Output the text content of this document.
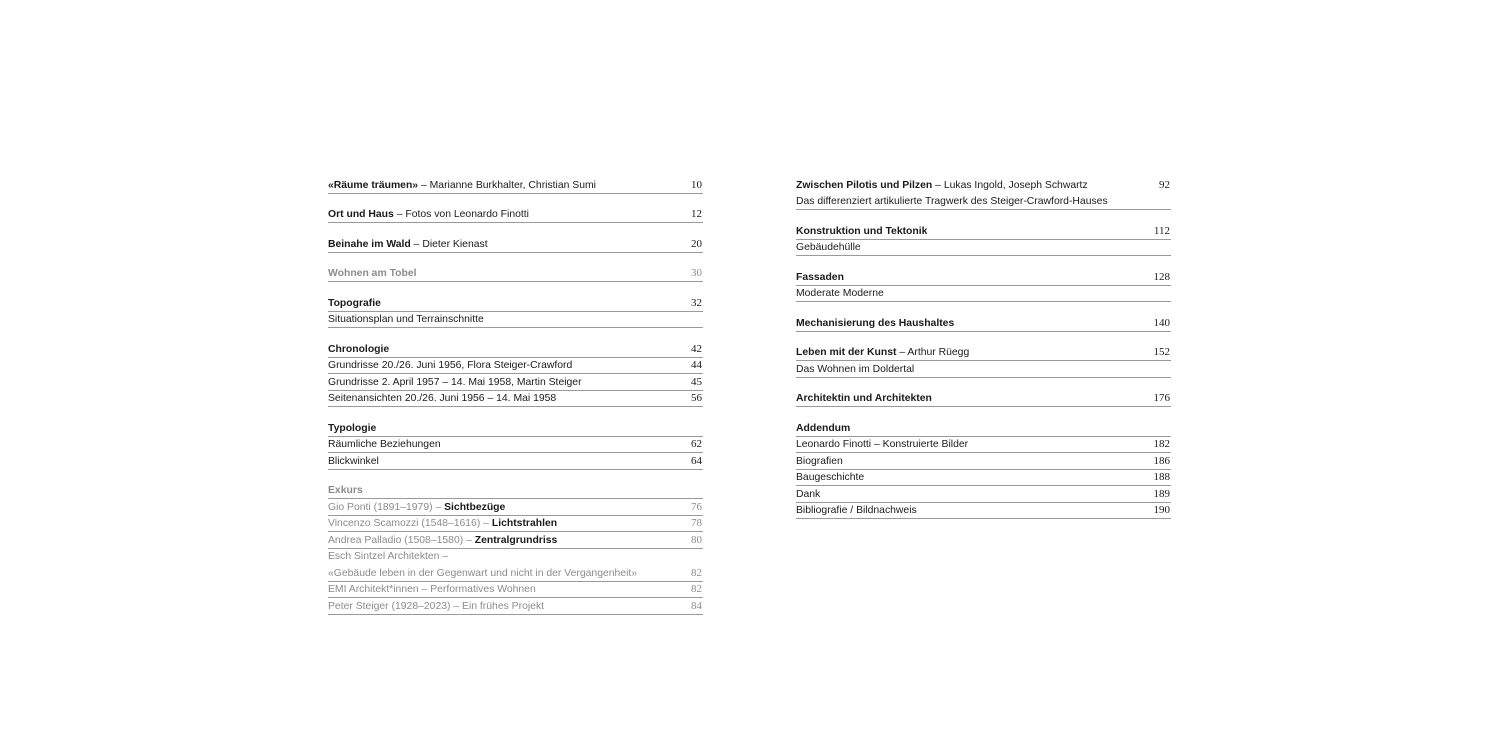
«Räume träumen» – Marianne Burkhalter, Christian Sumi	10
Ort und Haus – Fotos von Leonardo Finotti	12
Beinahe im Wald – Dieter Kienast	20
Wohnen am Tobel	30
Topografie	32
Situationsplan und Terrainschnitte
Chronologie	42
Grundrisse 20./26. Juni 1956, Flora Steiger-Crawford	44
Grundrisse 2. April 1957 – 14. Mai 1958, Martin Steiger	45
Seitenansichten 20./26. Juni 1956 – 14. Mai 1958	56
Typologie
Räumliche Beziehungen	62
Blickwinkel	64
Exkurs
Gio Ponti (1891–1979) – Sichtbezüge	76
Vincenzo Scamozzi (1548–1616) – Lichtstrahlen	78
Andrea Palladio (1508–1580) – Zentralgrundriss	80
Esch Sintzel Architekten –
«Gebäude leben in der Gegenwart und nicht in der Vergangenheit»	82
EMI Architekt*innen – Performatives Wohnen	82
Peter Steiger (1928–2023) – Ein frühes Projekt	84
Zwischen Pilotis und Pilzen – Lukas Ingold, Joseph Schwartz	92
Das differenziert artikulierte Tragwerk des Steiger-Crawford-Hauses
Konstruktion und Tektonik	112
Gebäudehülle
Fassaden	128
Moderate Moderne
Mechanisierung des Haushaltes	140
Leben mit der Kunst – Arthur Rüegg	152
Das Wohnen im Doldertal
Architektin und Architekten	176
Addendum
Leonardo Finotti – Konstruierte Bilder	182
Biografien	186
Baugeschichte	188
Dank	189
Bibliografie / Bildnachweis	190
